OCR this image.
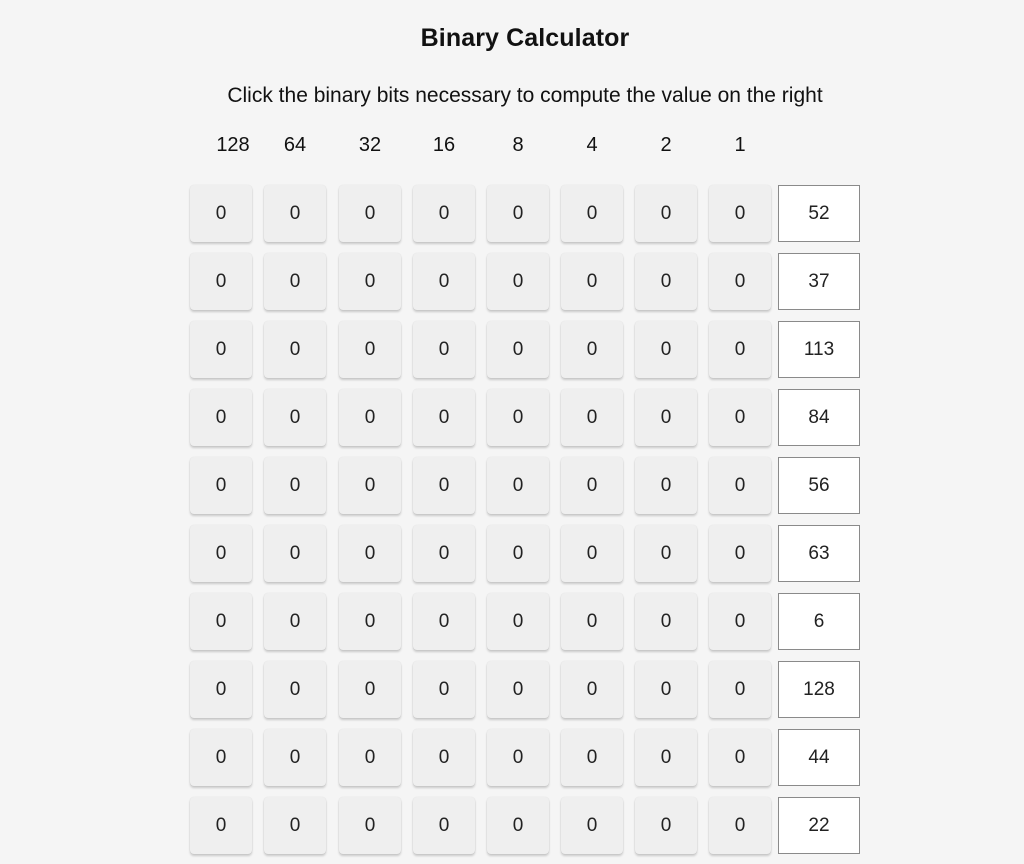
Binary Calculator
Click the binary bits necessary to compute the value on the right
128	64	32	16	8	4	2	1
0	0	0	0	0	0	0	0	52
0	0	0	0	0	0	0	0	37
0	0	0	0	0	0	0	0	113
0	0	0	0	0	0	0	0	84
0	0	0	0	0	0	0	0	56
0	0	0	0	0	0	0	0	63
0	0	0	0	0	0	0	0	6
0	0	0	0	0	0	0	0	128
0	0	0	0	0	0	0	0	44
0	0	0	0	0	0	0	0	22
